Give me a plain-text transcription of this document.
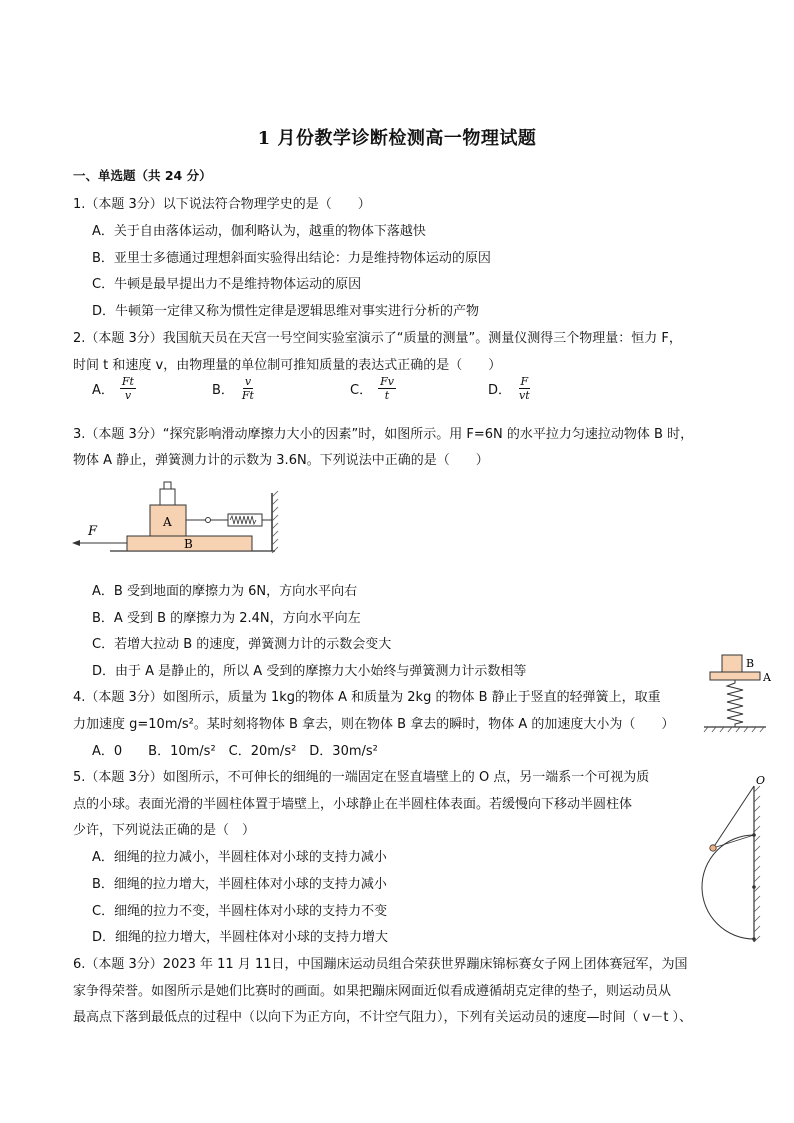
1 月份教学诊断检测高一物理试题
一、单选题（共 24 分）
1.（本题 3分）以下说法符合物理学史的是（　　）
A．关于自由落体运动，伽利略认为，越重的物体下落越快
B．亚里士多德通过理想斜面实验得出结论：力是维持物体运动的原因
C．牛顿是最早提出力不是维持物体运动的原因
D．牛顿第一定律又称为惯性定律是逻辑思维对事实进行分析的产物
2.（本题 3分）我国航天员在天宫一号空间实验室演示了“质量的测量”。测量仪测得三个物理量：恒力 F，
时间 t 和速度 v，由物理量的单位制可推知质量的表达式正确的是（　　）
A． $\frac{Ft}{v}$	B． $\frac{v}{Ft}$	C． $\frac{Fv}{t}$	D． $\frac{F}{vt}$
3.（本题 3分）“探究影响滑动摩擦力大小的因素”时，如图所示。用 F=6N 的水平拉力匀速拉动物体 B 时，
物体 A 静止，弹簧测力计的示数为 3.6N。下列说法中正确的是（　　）
B
A
F
A．B 受到地面的摩擦力为 6N，方向水平向右
B．A 受到 B 的摩擦力为 2.4N，方向水平向左
C．若增大拉动 B 的速度，弹簧测力计的示数会变大
D．由于 A 是静止的，所以 A 受到的摩擦力大小始终与弹簧测力计示数相等
4.（本题 3分）如图所示，质量为 1kg的物体 A 和质量为 2kg 的物体 B 静止于竖直的轻弹簧上，取重
力加速度 g=10m/s²。某时刻将物体 B 拿去，则在物体 B 拿去的瞬时，物体 A 的加速度大小为（　　）
A．0　　B．10m/s²　C．20m/s²　D．30m/s²
B
A
5.（本题 3分）如图所示，不可伸长的细绳的一端固定在竖直墙壁上的 O 点，另一端系一个可视为质
点的小球。表面光滑的半圆柱体置于墙壁上，小球静止在半圆柱体表面。若缓慢向下移动半圆柱体
少许，下列说法正确的是（　）
A．细绳的拉力减小，半圆柱体对小球的支持力减小
B．细绳的拉力增大，半圆柱体对小球的支持力减小
C．细绳的拉力不变，半圆柱体对小球的支持力不变
D．细绳的拉力增大，半圆柱体对小球的支持力增大
O
6.（本题 3分）2023 年 11 月 11日，中国蹦床运动员组合荣获世界蹦床锦标赛女子网上团体赛冠军，为国
家争得荣誉。如图所示是她们比赛时的画面。如果把蹦床网面近似看成遵循胡克定律的垫子，则运动员从
最高点下落到最低点的过程中（以向下为正方向，不计空气阻力），下列有关运动员的速度—时间（ v－t ）、
